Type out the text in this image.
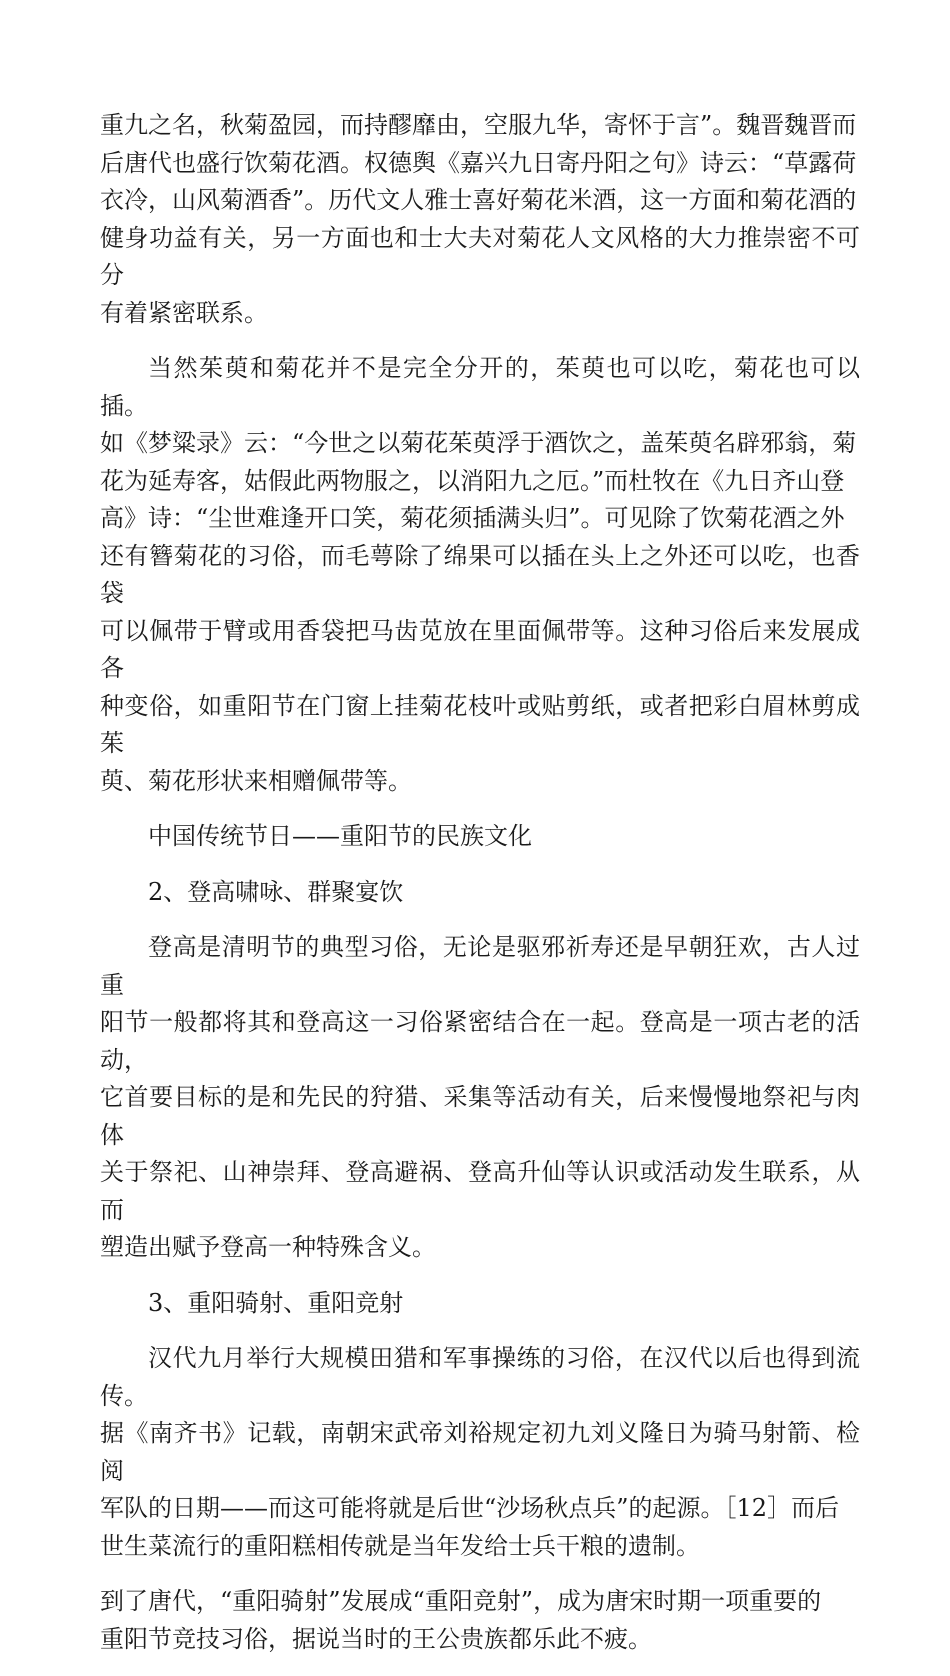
重九之名，秋菊盈园，而持醪靡由，空服九华，寄怀于言”。魏晋魏晋而
后唐代也盛行饮菊花酒。权德舆《嘉兴九日寄丹阳之句》诗云：“草露荷
衣冷，山风菊酒香”。历代文人雅士喜好菊花米酒，这一方面和菊花酒的
健身功益有关，另一方面也和士大夫对菊花人文风格的大力推崇密不可分
有着紧密联系。

当然茱萸和菊花并不是完全分开的，茱萸也可以吃，菊花也可以插。
如《梦粱录》云：“今世之以菊花茱萸浮于酒饮之，盖茱萸名辟邪翁，菊
花为延寿客，姑假此两物服之，以消阳九之厄。”而杜牧在《九日齐山登
高》诗：“尘世难逢开口笑，菊花须插满头归”。可见除了饮菊花酒之外
还有簪菊花的习俗，而毛萼除了绵果可以插在头上之外还可以吃，也香袋
可以佩带于臂或用香袋把马齿苋放在里面佩带等。这种习俗后来发展成各
种变俗，如重阳节在门窗上挂菊花枝叶或贴剪纸，或者把彩白眉林剪成茱
萸、菊花形状来相赠佩带等。

中国传统节日——重阳节的民族文化

2、登高啸咏、群聚宴饮

登高是清明节的典型习俗，无论是驱邪祈寿还是早朝狂欢，古人过重
阳节一般都将其和登高这一习俗紧密结合在一起。登高是一项古老的活动，
它首要目标的是和先民的狩猎、采集等活动有关，后来慢慢地祭祀与肉体
关于祭祀、山神崇拜、登高避祸、登高升仙等认识或活动发生联系，从而
塑造出赋予登高一种特殊含义。

3、重阳骑射、重阳竞射

汉代九月举行大规模田猎和军事操练的习俗，在汉代以后也得到流传。
据《南齐书》记载，南朝宋武帝刘裕规定初九刘义隆日为骑马射箭、检阅
军队的日期——而这可能将就是后世“沙场秋点兵”的起源。［12］而后
世生菜流行的重阳糕相传就是当年发给士兵干粮的遗制。

到了唐代，“重阳骑射”发展成“重阳竞射”，成为唐宋时期一项重要的
重阳节竞技习俗，据说当时的王公贵族都乐此不疲。
